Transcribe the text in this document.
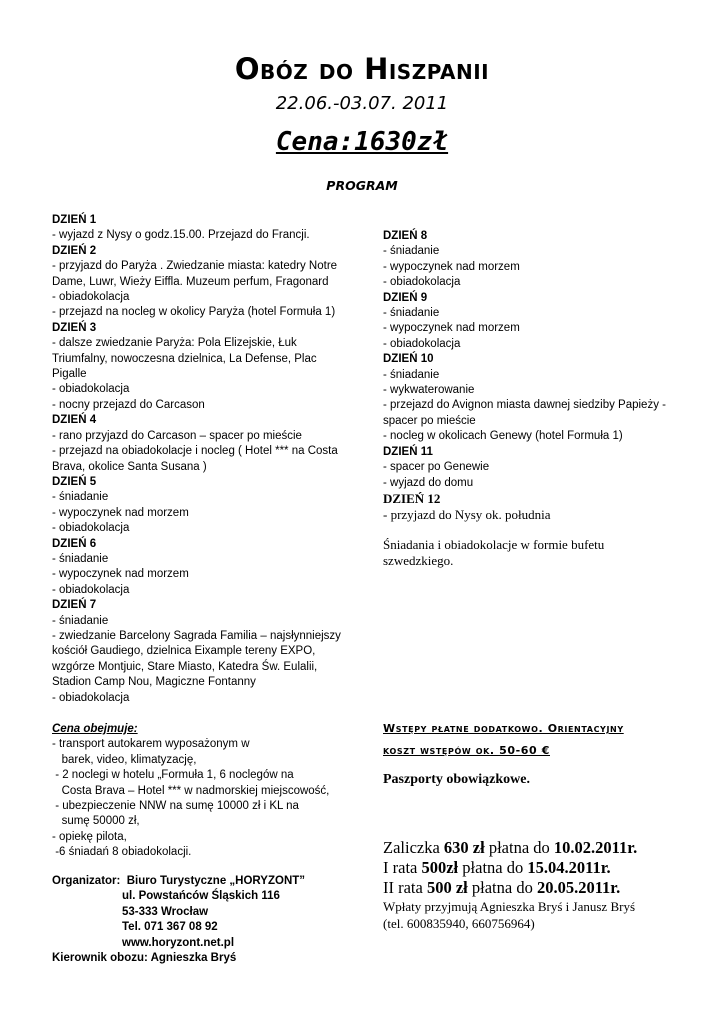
Obóz do Hiszpanii
22.06.-03.07. 2011
Cena:1630zł
PROGRAM
DZIEŃ 1
- wyjazd z Nysy o godz.15.00. Przejazd do Francji.
DZIEŃ 2
- przyjazd do Paryża . Zwiedzanie miasta: katedry Notre
Dame, Luwr, Wieży Eiffla. Muzeum perfum, Fragonard
- obiadokolacja
- przejazd na nocleg w okolicy Paryża (hotel Formuła 1)
DZIEŃ 3
- dalsze zwiedzanie Paryża: Pola Elizejskie, Łuk
Triumfalny, nowoczesna dzielnica, La Defense, Plac
Pigalle
- obiadokolacja
- nocny przejazd do Carcason
DZIEŃ 4
- rano przyjazd do Carcason – spacer po mieście
- przejazd na obiadokolacje i nocleg ( Hotel *** na Costa
Brava, okolice Santa Susana )
DZIEŃ 5
- śniadanie
- wypoczynek nad morzem
- obiadokolacja
DZIEŃ 6
- śniadanie
- wypoczynek nad morzem
- obiadokolacja
DZIEŃ 7
- śniadanie
- zwiedzanie Barcelony Sagrada Familia – najsłynniejszy
kościół Gaudiego, dzielnica Eixample tereny EXPO,
wzgórze Montjuic, Stare Miasto, Katedra Św. Eulalii,
Stadion Camp Nou, Magiczne Fontanny
- obiadokolacja
DZIEŃ 8
- śniadanie
- wypoczynek nad morzem
- obiadokolacja
DZIEŃ 9
- śniadanie
- wypoczynek nad morzem
- obiadokolacja
DZIEŃ 10
- śniadanie
- wykwaterowanie
- przejazd do Avignon miasta dawnej siedziby Papieży -
spacer po mieście
- nocleg w okolicach Genewy (hotel Formuła 1)
DZIEŃ 11
- spacer po Genewie
- wyjazd do domu
DZIEŃ 12
- przyjazd do Nysy ok. południa
Śniadania i obiadokolacje w formie bufetu
szwedzkiego.
Cena obejmuje:
- transport autokarem wyposażonym w
barek, video, klimatyzację,
- 2 noclegi w hotelu „Formuła 1, 6 noclegów na
Costa Brava – Hotel *** w nadmorskiej miejscowość,
- ubezpieczenie NNW na sumę 10000 zł i KL na
sumę 50000 zł,
- opiekę pilota,
-6 śniadań 8 obiadokolacji.
Organizator:  Biuro Turystyczne „HORYZONT”
ul. Powstańców Śląskich 116
53-333 Wrocław
Tel. 071 367 08 92
www.horyzont.net.pl
Kierownik obozu: Agnieszka Bryś
Wstępy płatne dodatkowo. Orientacyjny
koszt wstępów ok. 50-60 €
Paszporty obowiązkowe.
Zaliczka 630 zł płatna do 10.02.2011r.
I rata 500zł płatna do 15.04.2011r.
II rata 500 zł płatna do 20.05.2011r.
Wpłaty przyjmują Agnieszka Bryś i Janusz Bryś
(tel. 600835940, 660756964)
